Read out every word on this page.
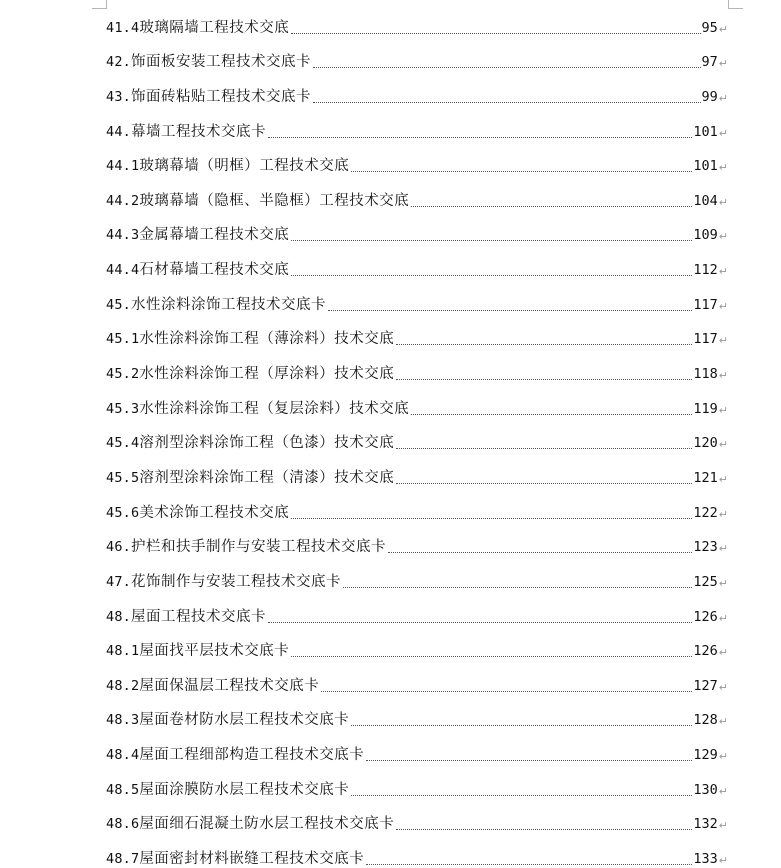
41.4 玻璃隔墙工程技术交底	95 ↵
42. 饰面板安装工程技术交底卡	97 ↵
43. 饰面砖粘贴工程技术交底卡	99 ↵
44. 幕墙工程技术交底卡	101 ↵
44.1 玻璃幕墙（明框）工程技术交底	101 ↵
44.2 玻璃幕墙（隐框、半隐框）工程技术交底	104 ↵
44.3 金属幕墙工程技术交底	109 ↵
44.4 石材幕墙工程技术交底	112 ↵
45. 水性涂料涂饰工程技术交底卡	117 ↵
45.1 水性涂料涂饰工程（薄涂料）技术交底	117 ↵
45.2 水性涂料涂饰工程（厚涂料）技术交底	118 ↵
45.3 水性涂料涂饰工程（复层涂料）技术交底	119 ↵
45.4 溶剂型涂料涂饰工程（色漆）技术交底	120 ↵
45.5 溶剂型涂料涂饰工程（清漆）技术交底	121 ↵
45.6 美术涂饰工程技术交底	122 ↵
46. 护栏和扶手制作与安装工程技术交底卡	123 ↵
47. 花饰制作与安装工程技术交底卡	125 ↵
48. 屋面工程技术交底卡	126 ↵
48.1 屋面找平层技术交底卡	126 ↵
48.2 屋面保温层工程技术交底卡	127 ↵
48.3 屋面卷材防水层工程技术交底卡	128 ↵
48.4 屋面工程细部构造工程技术交底卡	129 ↵
48.5 屋面涂膜防水层工程技术交底卡	130 ↵
48.6 屋面细石混凝土防水层工程技术交底卡	132 ↵
48.7 屋面密封材料嵌缝工程技术交底卡	133 ↵
